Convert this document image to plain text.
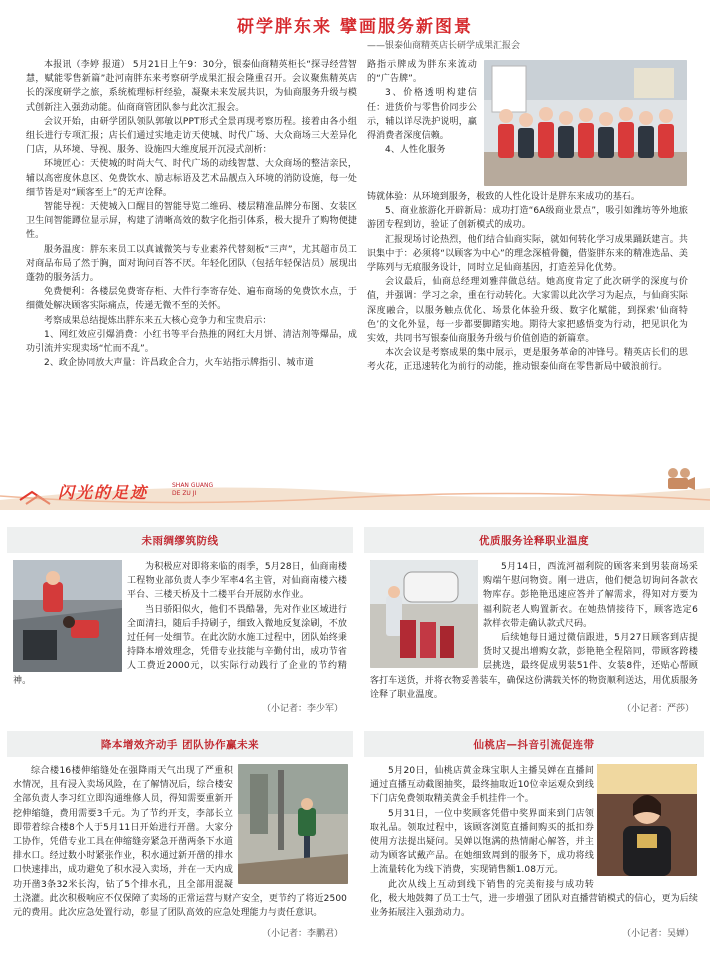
研学胖东来 擘画服务新图景
——银泰仙商精英店长研学成果汇报会

本报讯（李婷 报道） 5月21日上午9：30分，银泰仙商精英柜长“探寻经营智慧，赋能零售新篇”赴河南胖东来考察研学成果汇报会隆重召开。会议聚焦精英店长的深度研学之旅，系统梳理标杆经验，凝聚未来发展共识，为仙商服务升级与模式创新注入强劲动能。仙商商管团队参与此次汇报会。

会议开始，由研学团队领队郭敏以PPT形式全景再现考察历程。接着由各小组组长进行专项汇报；店长们通过实地走访天使城、时代广场、大众商场三大差异化门店，从环境、导视、服务、设施四大维度展开沉浸式剖析：

环境匠心：天使城的时尚大气、时代广场的动线智慧、大众商场的整洁亲民，辅以高密度休息区、免费饮水、励志标语及艺术品靓点入环境的消防设施，每一处细节皆是对“顾客至上”的无声诠释。

智能导视：天使城入口醒目的智能导览二维码、楼层精准品牌分布图、女装区卫生间智能蹲位显示屏，构建了清晰高效的数字化指引体系，极大提升了购物便捷性。

服务温度：胖东来员工以真诚微笑与专业素养代替刻板“三声”，尤其超市员工对商品布局了然于胸，面对询问百答不厌。年轻化团队（包括年轻保洁员）展现出蓬勃的服务活力。

免费便利：各楼层免费寄存柜、大件行李寄存处、遍布商场的免费饮水点，于细微处解决顾客实际痛点，传递无微不至的关怀。

考察成果总结提炼出胖东来五大核心竞争力和宝贵启示：

1、网红效应引爆消费：小红书等平台热推的网红大月饼、清洁剂等爆品，成功引流并实现卖场“忙而不乱”。

2、政企协同放大声量：许昌政企合力，火车站指示牌指引、城市道

路指示牌成为胖东来流动的“广告牌”。

3、价格透明构建信任：进货价与零售价同步公示，辅以详尽洗护说明，赢得消费者深度信赖。

4、人性化服务

铸就体验：从环境到服务，极致的人性化设计是胖东来成功的基石。

5、商业旅游化开辟新局：成功打造“6A级商业景点”，吸引如潍坊等外地旅游团专程到访，验证了创新模式的成功。

汇报现场讨论热烈，他们结合仙商实际，就如何转化学习成果踊跃建言。共识集中于：必须将“以顾客为中心”的理念深植骨髓，借鉴胖东来的精准选品、美学陈列与无痕服务设计，同时立足仙商基因，打造差异化优势。

会议最后，仙商总经理刘雅萍做总结。她高度肯定了此次研学的深度与价值，并强调：学习之余，重在行动转化。大家需以此次学习为起点，与仙商实际深度融合，以服务触点优化、场景化体验升级、数字化赋能，到探索‘仙商特色’的文化外显，每一步都要脚踏实地。期待大家把感悟变为行动，把见识化为实效，共同书写银泰仙商服务升级与价值创造的新篇章。

本次会议是考察成果的集中展示，更是服务革命的冲锋号。精英店长们的思考火花，正迅速转化为前行的动能，推动银泰仙商在零售新局中破浪前行。

闪光的足迹	SHAN GUANG
DE ZU JI
未雨绸缪筑防线

为积极应对即将来临的雨季，5月28日，仙商南楼工程物业部负责人李少军率4名主管，对仙商南楼六楼平台、三楼天桥及十二楼平台开展防水作业。

当日骄阳似火，他们不畏酷暑，先对作业区域进行全面清扫，随后手持刷子，细致入微地反复涂刷，不放过任何一处细节。在此次防水施工过程中，团队始终秉持降本增效理念，凭借专业技能与辛勤付出，成功节省人工费近2000元，以实际行动践行了企业的节约精神。

（小记者：李少军）
优质服务诠释职业温度

5月14日，西流河福利院的顾客来到男装商场采购端午慰问物资。刚一进店，他们便急切询问各款衣物库存。彭艳艳迅速应答并了解需求，得知对方要为福利院老人购置新衣。在她热情接待下，顾客选定6款样衣带走确认款式尺码。

后续她每日通过微信跟进，5月27日顾客到店提货时又提出增购女款，彭艳艳全程陪同，带顾客跨楼层挑选，最终促成男装51件、女装8件，还贴心帮顾客打车送货，并将衣物妥善装车，确保这份满载关怀的物资顺利送达，用优质服务诠释了职业温度。

（小记者：严莎）
降本增效齐动手 团队协作赢未来

综合楼16楼伸缩缝处在强降雨天气出现了严重积水情况，且有浸入卖场风险，在了解情况后，综合楼安全部负责人李习红立即沟通维修人员，得知需要重新开挖伸缩缝，费用需要3千元。为了节约开支，李部长立即带着综合楼8个人于5月11日开始进行开凿。大家分工协作，凭借专业工具在伸缩缝旁紧急开凿两条下水道排水口。经过数小时紧张作业，积水通过新开凿的排水口快速排出，成功避免了积水浸入卖场，并在一天内成功开凿3条32米长沟，钻了5个排水孔，且全部用混凝土浇灌。此次积极响应不仅保障了卖场的正常运营与财产安全，更节约了将近2500元的费用。此次应急处置行动，彰显了团队高效的应急处理能力与责任意识。

（小记者：李鹏君）
仙桃店—抖音引流促连带

5月20日，仙桃店黄金珠宝职人主播吴婵在直播间通过直播互动截图抽奖，最终抽取近10位幸运观众到线下门店免费领取精美黄金手机挂件一个。

5月31日，一位中奖顾客凭借中奖界面来到门店领取礼品。领取过程中，该顾客浏览直播间购买的抵扣券使用方法提出疑问。吴婵以饱满的热情耐心解答，并主动为顾客试戴产品。在她细致周到的服务下，成功将线上流量转化为线下消费，实现销售额1.08万元。

此次从线上互动到线下销售的完美衔接与成功转化，极大地鼓舞了员工士气，进一步增强了团队对直播营销模式的信心，更为后续业务拓展注入强劲动力。

（小记者：吴婵）
